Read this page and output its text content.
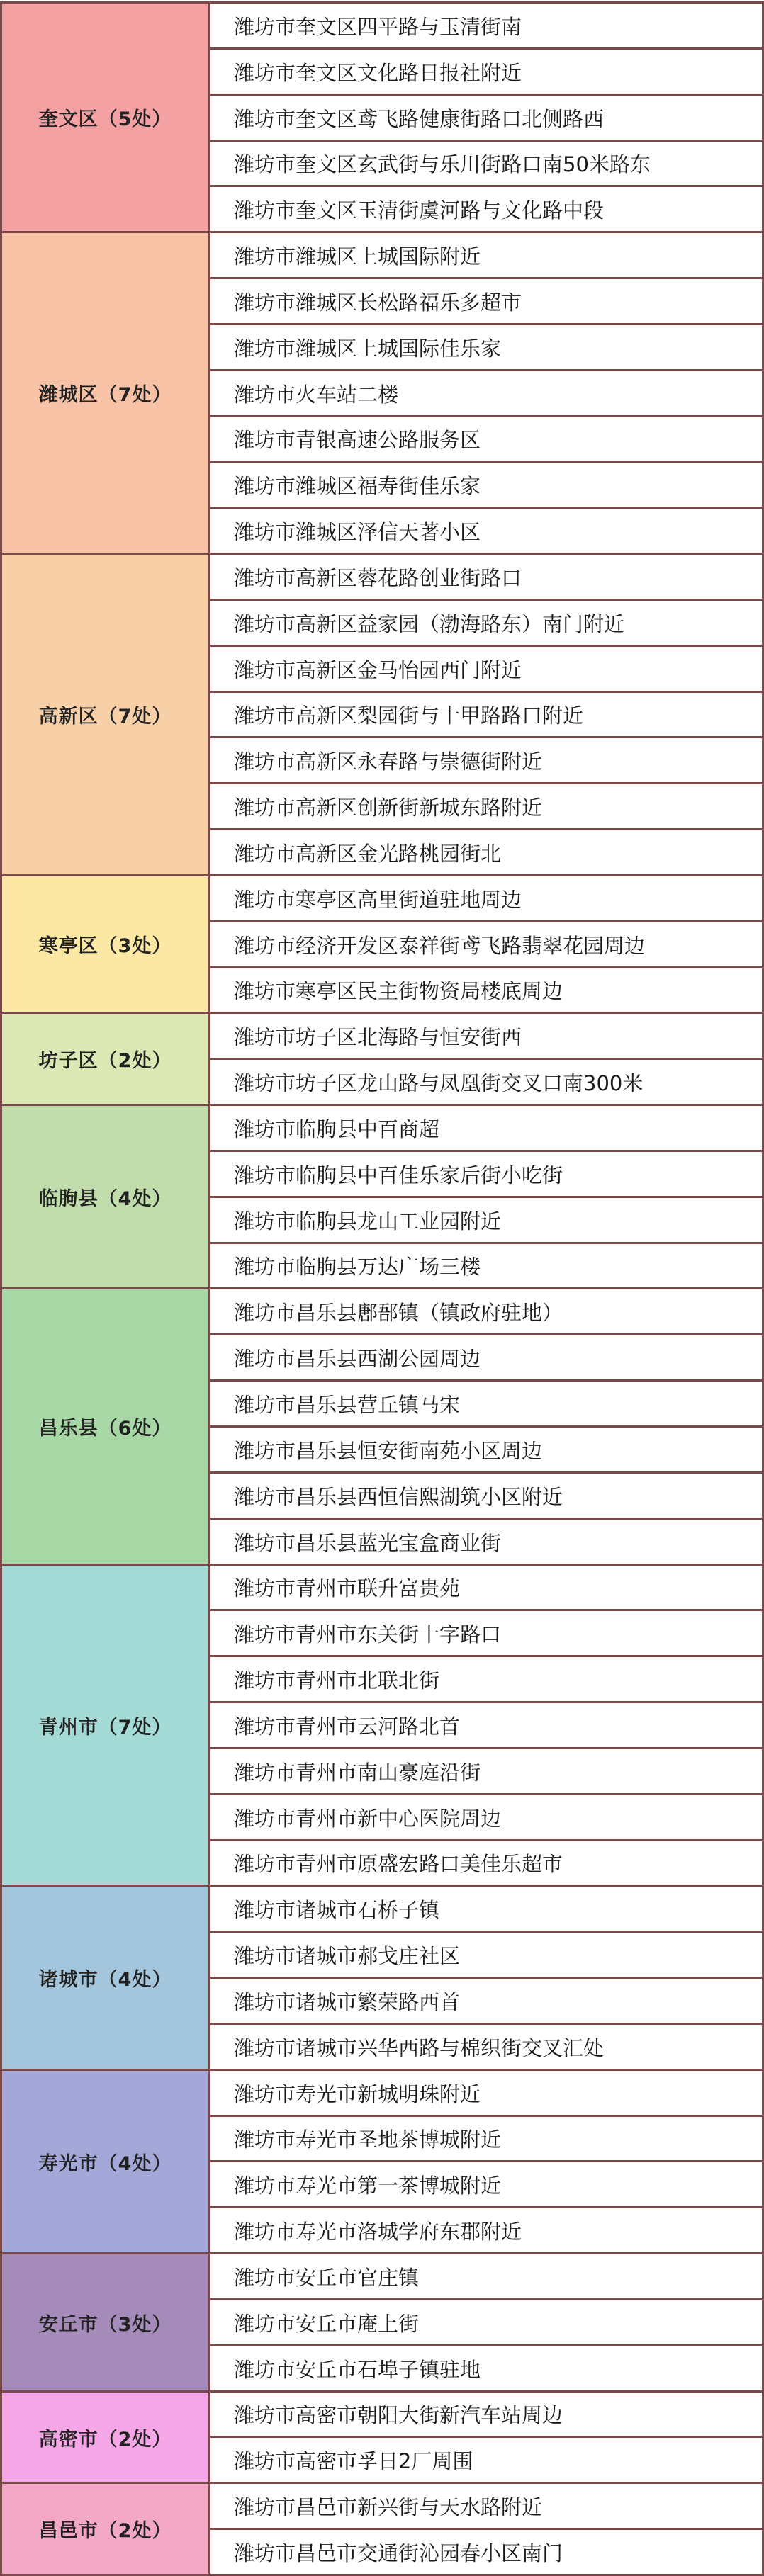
奎文区（5处）
潍坊市奎文区四平路与玉清街南
潍坊市奎文区文化路日报社附近
潍坊市奎文区鸢飞路健康街路口北侧路西
潍坊市奎文区玄武街与乐川街路口南50米路东
潍坊市奎文区玉清街虞河路与文化路中段
潍城区（7处）
潍坊市潍城区上城国际附近
潍坊市潍城区长松路福乐多超市
潍坊市潍城区上城国际佳乐家
潍坊市火车站二楼
潍坊市青银高速公路服务区
潍坊市潍城区福寿街佳乐家
潍坊市潍城区泽信天著小区
高新区（7处）
潍坊市高新区蓉花路创业街路口
潍坊市高新区益家园（渤海路东）南门附近
潍坊市高新区金马怡园西门附近
潍坊市高新区梨园街与十甲路路口附近
潍坊市高新区永春路与崇德街附近
潍坊市高新区创新街新城东路附近
潍坊市高新区金光路桃园街北
寒亭区（3处）
潍坊市寒亭区高里街道驻地周边
潍坊市经济开发区泰祥街鸢飞路翡翠花园周边
潍坊市寒亭区民主街物资局楼底周边
坊子区（2处）
潍坊市坊子区北海路与恒安街西
潍坊市坊子区龙山路与凤凰街交叉口南300米
临朐县（4处）
潍坊市临朐县中百商超
潍坊市临朐县中百佳乐家后街小吃街
潍坊市临朐县龙山工业园附近
潍坊市临朐县万达广场三楼
昌乐县（6处）
潍坊市昌乐县鄌郚镇（镇政府驻地）
潍坊市昌乐县西湖公园周边
潍坊市昌乐县营丘镇马宋
潍坊市昌乐县恒安街南苑小区周边
潍坊市昌乐县西恒信熙湖筑小区附近
潍坊市昌乐县蓝光宝盒商业街
青州市（7处）
潍坊市青州市联升富贵苑
潍坊市青州市东关街十字路口
潍坊市青州市北联北街
潍坊市青州市云河路北首
潍坊市青州市南山豪庭沿街
潍坊市青州市新中心医院周边
潍坊市青州市原盛宏路口美佳乐超市
诸城市（4处）
潍坊市诸城市石桥子镇
潍坊市诸城市郝戈庄社区
潍坊市诸城市繁荣路西首
潍坊市诸城市兴华西路与棉织街交叉汇处
寿光市（4处）
潍坊市寿光市新城明珠附近
潍坊市寿光市圣地茶博城附近
潍坊市寿光市第一茶博城附近
潍坊市寿光市洛城学府东郡附近
安丘市（3处）
潍坊市安丘市官庄镇
潍坊市安丘市庵上街
潍坊市安丘市石埠子镇驻地
高密市（2处）
潍坊市高密市朝阳大街新汽车站周边
潍坊市高密市孚日2厂周围
昌邑市（2处）
潍坊市昌邑市新兴街与天水路附近
潍坊市昌邑市交通街沁园春小区南门
